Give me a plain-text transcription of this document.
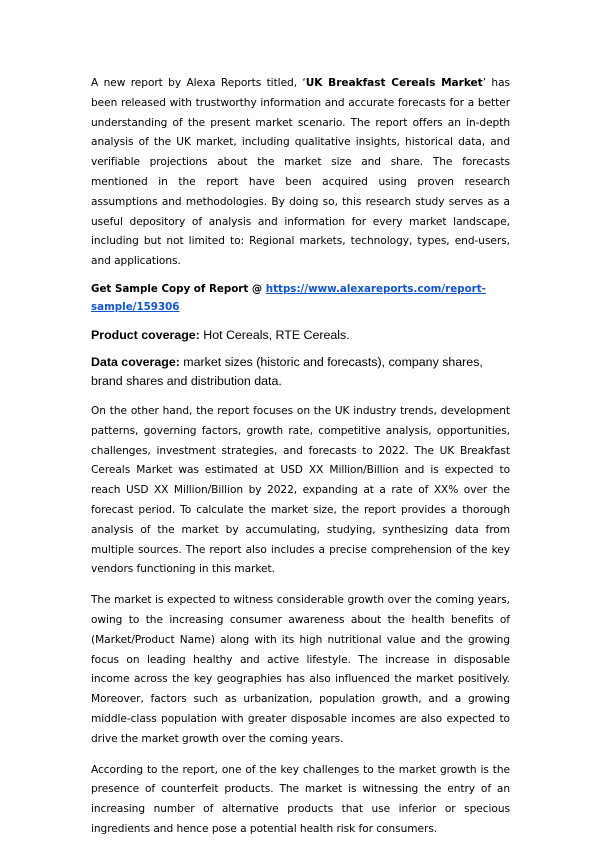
A new report by Alexa Reports titled, ‘UK Breakfast Cereals Market’ has been released with trustworthy information and accurate forecasts for a better understanding of the present market scenario. The report offers an in-depth analysis of the UK market, including qualitative insights, historical data, and verifiable projections about the market size and share. The forecasts mentioned in the report have been acquired using proven research assumptions and methodologies. By doing so, this research study serves as a useful depository of analysis and information for every market landscape, including but not limited to: Regional markets, technology, types, end-users, and applications.

Get Sample Copy of Report @ https://www.alexareports.com/report-sample/159306

Product coverage: Hot Cereals, RTE Cereals.

Data coverage: market sizes (historic and forecasts), company shares, brand shares and distribution data.

On the other hand, the report focuses on the UK industry trends, development patterns, governing factors, growth rate, competitive analysis, opportunities, challenges, investment strategies, and forecasts to 2022. The UK Breakfast Cereals Market was estimated at USD XX Million/Billion and is expected to reach USD XX Million/Billion by 2022, expanding at a rate of XX% over the forecast period. To calculate the market size, the report provides a thorough analysis of the market by accumulating, studying, synthesizing data from multiple sources. The report also includes a precise comprehension of the key vendors functioning in this market.

The market is expected to witness considerable growth over the coming years, owing to the increasing consumer awareness about the health benefits of (Market/Product Name) along with its high nutritional value and the growing focus on leading healthy and active lifestyle. The increase in disposable income across the key geographies has also influenced the market positively. Moreover, factors such as urbanization, population growth, and a growing middle-class population with greater disposable incomes are also expected to drive the market growth over the coming years.

According to the report, one of the key challenges to the market growth is the presence of counterfeit products. The market is witnessing the entry of an increasing number of alternative products that use inferior or specious ingredients and hence pose a potential health risk for consumers.
